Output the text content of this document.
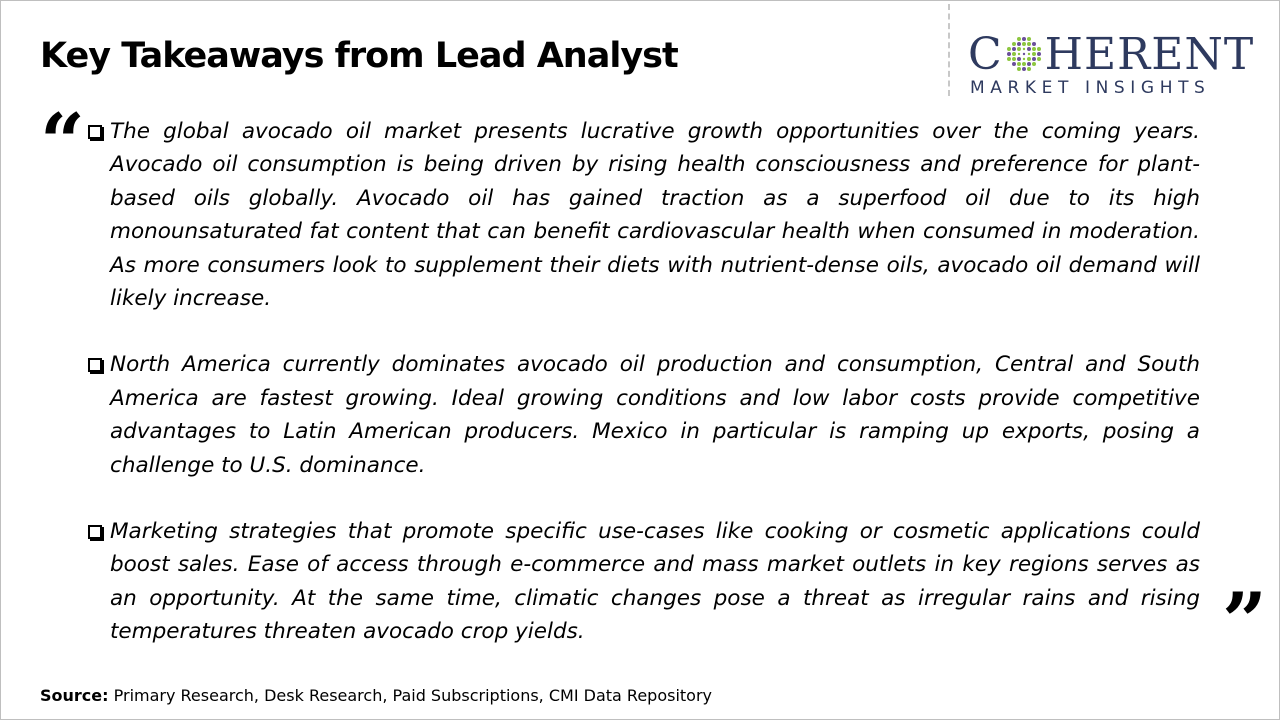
Key Takeaways from Lead Analyst	C HERENT
MARKET INSIGHTS
“	The global avocado oil market presents lucrative growth opportunities over the coming years. Avocado oil consumption is being driven by rising health consciousness and preference for plant-based oils globally. Avocado oil has gained traction as a superfood oil due to its high monounsaturated fat content that can benefit cardiovascular health when consumed in moderation. As more consumers look to supplement their diets with nutrient-dense oils, avocado oil demand will likely increase.
North America currently dominates avocado oil production and consumption, Central and South America are fastest growing. Ideal growing conditions and low labor costs provide competitive advantages to Latin American producers. Mexico in particular is ramping up exports, posing a challenge to U.S. dominance.
Marketing strategies that promote specific use-cases like cooking or cosmetic applications could boost sales. Ease of access through e-commerce and mass market outlets in key regions serves as an opportunity. At the same time, climatic changes pose a threat as irregular rains and rising temperatures threaten avocado crop yields.	”
Source: Primary Research, Desk Research, Paid Subscriptions, CMI Data Repository
